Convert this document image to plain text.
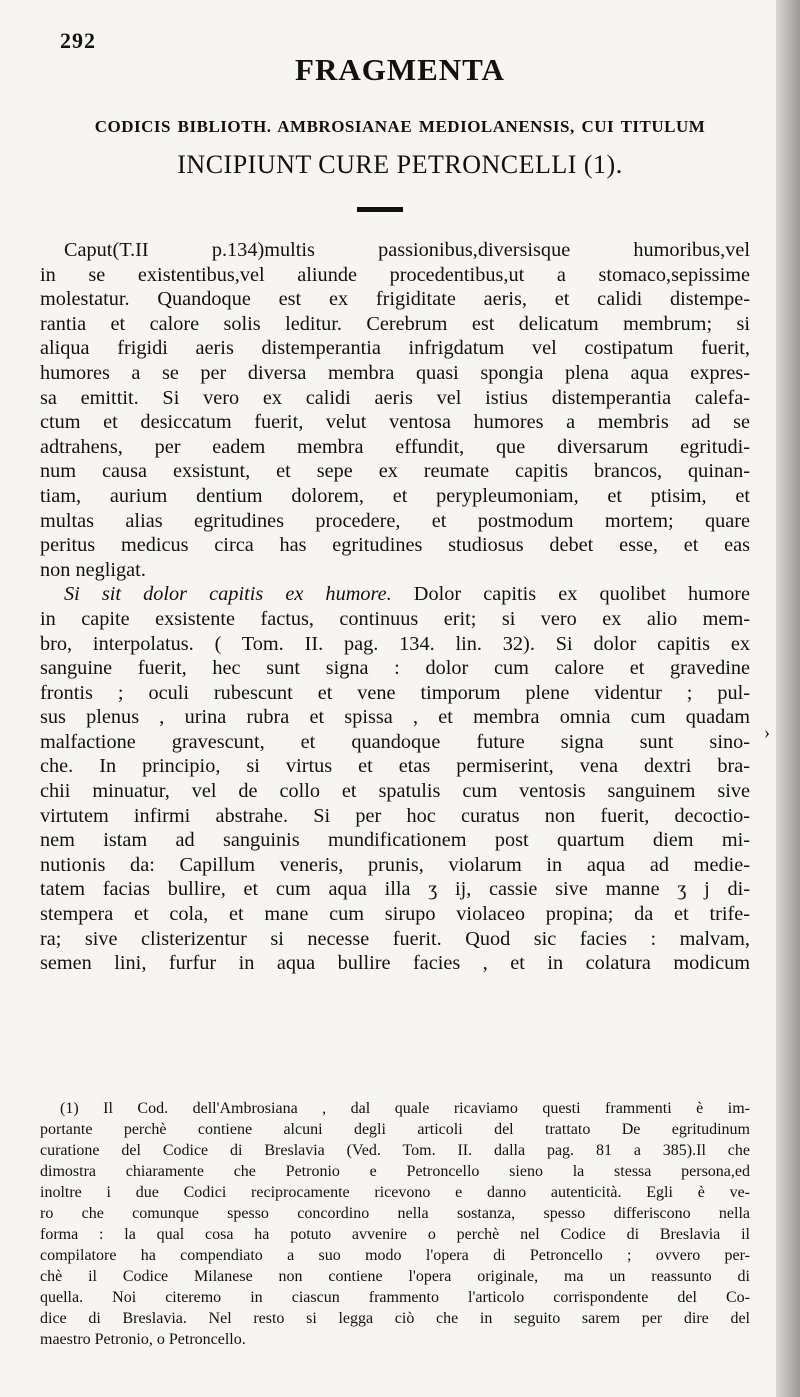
292
FRAGMENTA
CODICIS BIBLIOTH. AMBROSIANAE MEDIOLANENSIS, CUI TITULUM
INCIPIUNT CURE PETRONCELLI (1).
Caput(T.II p.134)multis passionibus,diversisque humoribus,vel
in se existentibus,vel aliunde procedentibus,ut a stomaco,sepissime
molestatur. Quandoque est ex frigiditate aeris, et calidi distempe-
rantia et calore solis leditur. Cerebrum est delicatum membrum; si
aliqua frigidi aeris distemperantia infrigdatum vel costipatum fuerit,
humores a se per diversa membra quasi spongia plena aqua expres-
sa emittit. Si vero ex calidi aeris vel istius distemperantia calefa-
ctum et desiccatum fuerit, velut ventosa humores a membris ad se
adtrahens, per eadem membra effundit, que diversarum egritudi-
num causa exsistunt, et sepe ex reumate capitis brancos, quinan-
tiam, aurium dentium dolorem, et perypleumoniam, et ptisim, et
multas alias egritudines procedere, et postmodum mortem; quare
peritus medicus circa has egritudines studiosus debet esse, et eas
non negligat.
Si sit dolor capitis ex humore. Dolor capitis ex quolibet humore
in capite exsistente factus, continuus erit; si vero ex alio mem-
bro, interpolatus. ( Tom. II. pag. 134. lin. 32). Si dolor capitis ex
sanguine fuerit, hec sunt signa : dolor cum calore et gravedine
frontis ; oculi rubescunt et vene timporum plene videntur ; pul-
sus plenus , urina rubra et spissa , et membra omnia cum quadam
malfactione gravescunt, et quandoque future signa sunt sino-
che. In principio, si virtus et etas permiserint, vena dextri bra-
chii minuatur, vel de collo et spatulis cum ventosis sanguinem sive
virtutem infirmi abstrahe. Si per hoc curatus non fuerit, decoctio-
nem istam ad sanguinis mundificationem post quartum diem mi-
nutionis da: Capillum veneris, prunis, violarum in aqua ad medie-
tatem facias bullire, et cum aqua illa ʒ ij, cassie sive manne ʒ j di-
stempera et cola, et mane cum sirupo violaceo propina; da et trife-
ra; sive clisterizentur si necesse fuerit. Quod sic facies : malvam,
semen lini, furfur in aqua bullire facies , et in colatura modicum
(1) Il Cod. dell'Ambrosiana , dal quale ricaviamo questi frammenti è im-
portante perchè contiene alcuni degli articoli del trattato De egritudinum
curatione del Codice di Breslavia (Ved. Tom. II. dalla pag. 81 a 385).Il che
dimostra chiaramente che Petronio e Petroncello sieno la stessa persona,ed
inoltre i due Codici reciprocamente ricevono e danno autenticità. Egli è ve-
ro che comunque spesso concordino nella sostanza, spesso differiscono nella
forma : la qual cosa ha potuto avvenire o perchè nel Codice di Breslavia il
compilatore ha compendiato a suo modo l'opera di Petroncello ; ovvero per-
chè il Codice Milanese non contiene l'opera originale, ma un reassunto di
quella. Noi citeremo in ciascun frammento l'articolo corrispondente del Co-
dice di Breslavia. Nel resto si legga ciò che in seguito sarem per dire del
maestro Petronio, o Petroncello.
›
